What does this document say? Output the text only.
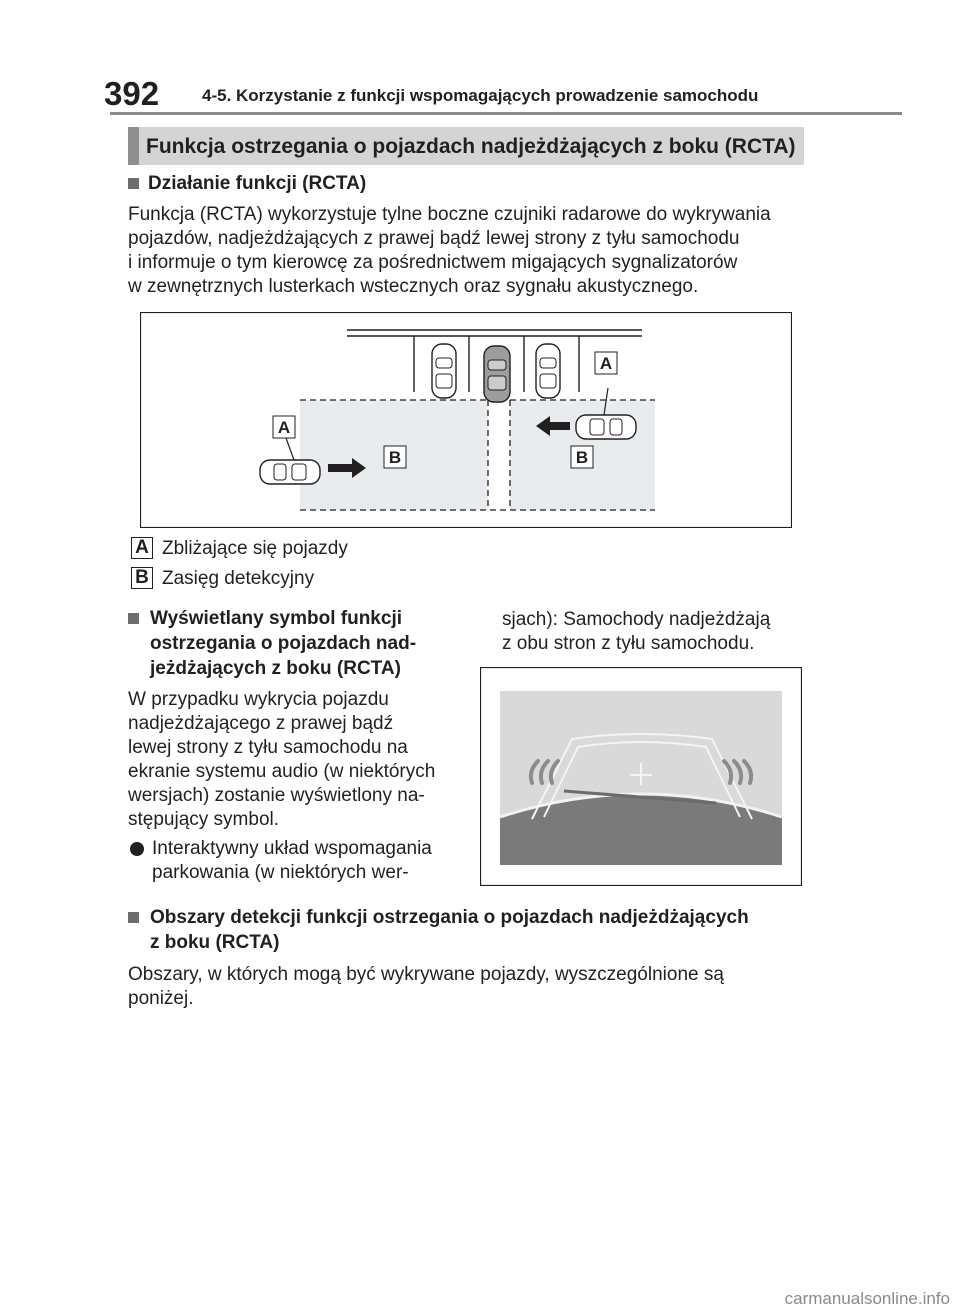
392	4-5. Korzystanie z funkcji wspomagających prowadzenie samochodu
Funkcja ostrzegania o pojazdach nadjeżdżających z boku (RCTA)
Działanie funkcji (RCTA)
Funkcja (RCTA) wykorzystuje tylne boczne czujniki radarowe do wykrywania
pojazdów, nadjeżdżających z prawej bądź lewej strony z tyłu samochodu
i informuje o tym kierowcę za pośrednictwem migających sygnalizatorów
w zewnętrznych lusterkach wstecznych oraz sygnału akustycznego.
A
A
B	B
A Zbliżające się pojazdy
B Zasięg detekcyjny
Wyświetlany symbol funkcji
ostrzegania o pojazdach nad-
jeżdżających z boku (RCTA)
W przypadku wykrycia pojazdu
nadjeżdżającego z prawej bądź
lewej strony z tyłu samochodu na
ekranie systemu audio (w niektórych
wersjach) zostanie wyświetlony na-
stępujący symbol.
Interaktywny układ wspomagania
parkowania (w niektórych wer-
sjach): Samochody nadjeżdżają
z obu stron z tyłu samochodu.
Obszary detekcji funkcji ostrzegania o pojazdach nadjeżdżających
z boku (RCTA)
Obszary, w których mogą być wykrywane pojazdy, wyszczególnione są
poniżej.
carmanualsonline.info
